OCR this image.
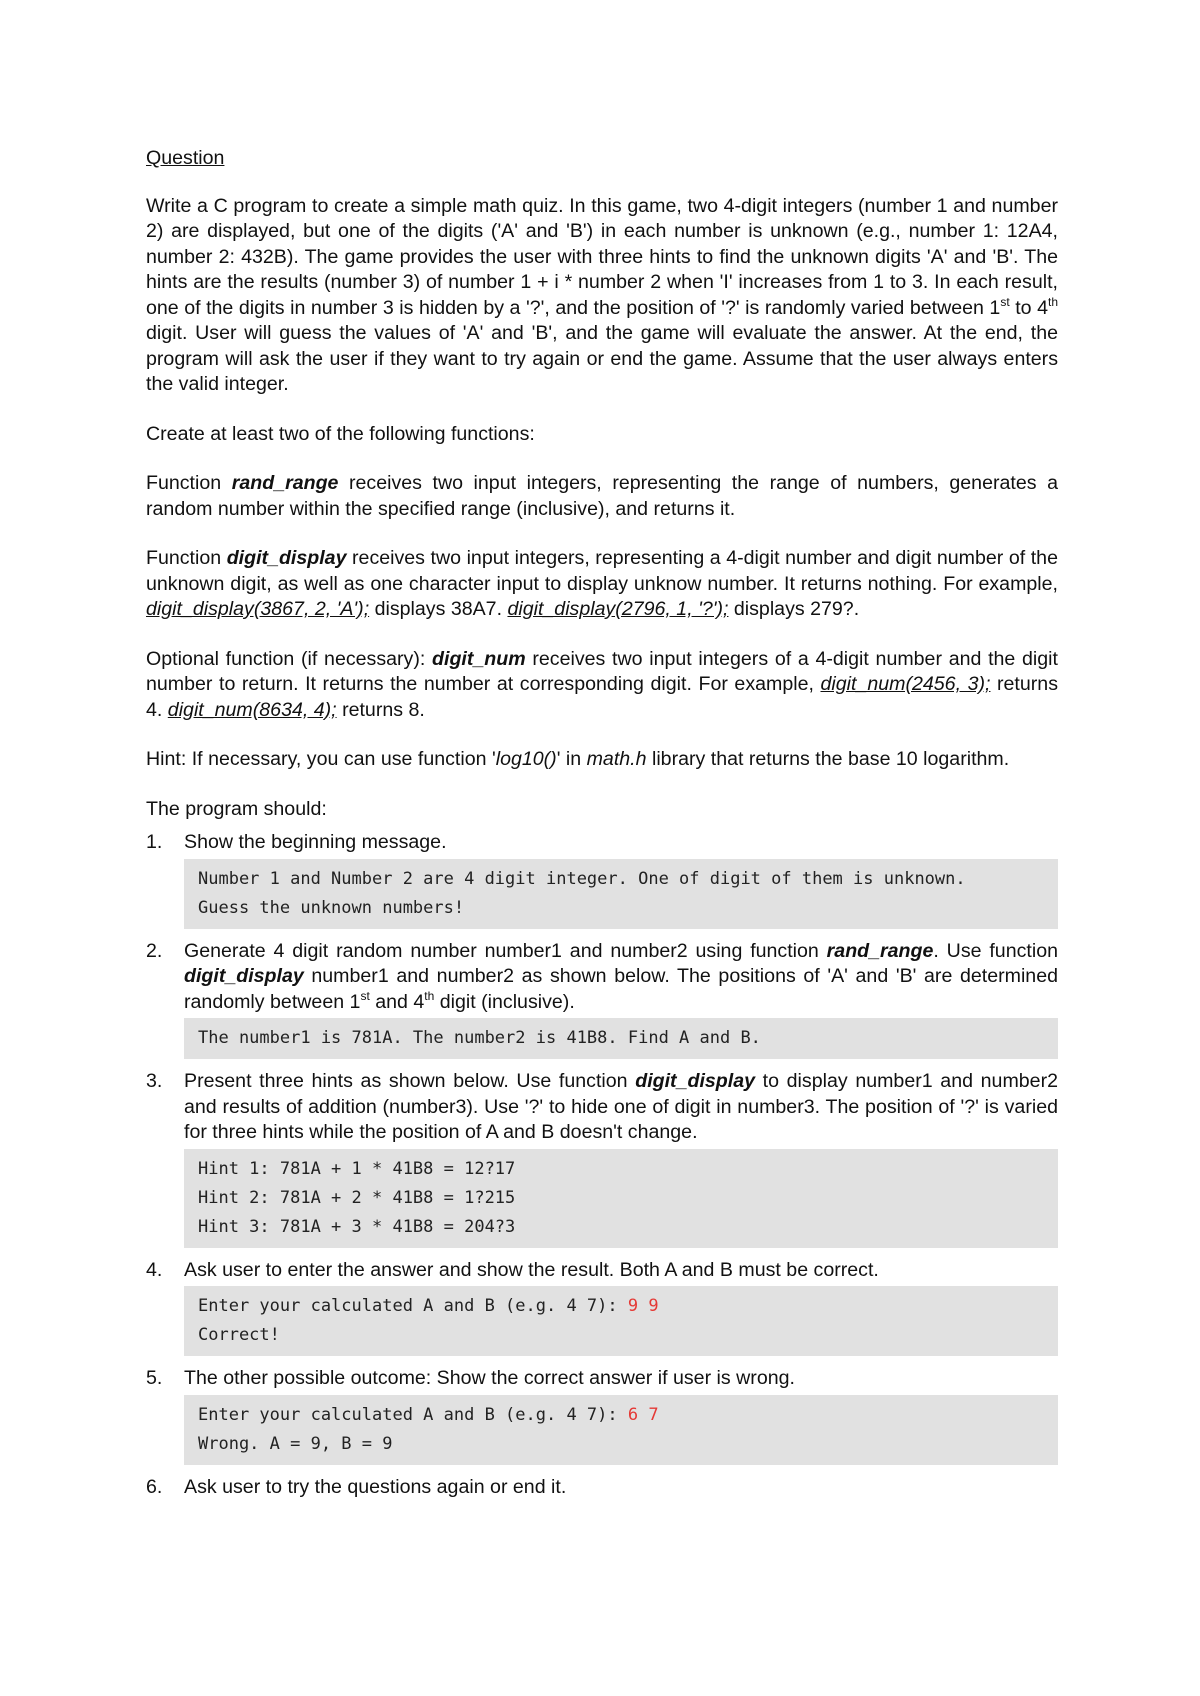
Question

Write a C program to create a simple math quiz. In this game, two 4-digit integers (number 1 and number 2) are displayed, but one of the digits ('A' and 'B') in each number is unknown (e.g., number 1: 12A4, number 2: 432B). The game provides the user with three hints to find the unknown digits 'A' and 'B'. The hints are the results (number 3) of number 1 + i * number 2 when 'I' increases from 1 to 3. In each result, one of the digits in number 3 is hidden by a '?', and the position of '?' is randomly varied between 1st to 4th digit. User will guess the values of 'A' and 'B', and the game will evaluate the answer. At the end, the program will ask the user if they want to try again or end the game. Assume that the user always enters the valid integer.

Create at least two of the following functions:

Function rand_range receives two input integers, representing the range of numbers, generates a random number within the specified range (inclusive), and returns it.

Function digit_display receives two input integers, representing a 4-digit number and digit number of the unknown digit, as well as one character input to display unknow number. It returns nothing. For example, digit_display(3867, 2, 'A'); displays 38A7. digit_display(2796, 1, '?'); displays 279?.

Optional function (if necessary): digit_num receives two input integers of a 4-digit number and the digit number to return. It returns the number at corresponding digit. For example, digit_num(2456, 3); returns 4. digit_num(8634, 4); returns 8.

Hint: If necessary, you can use function 'log10()' in math.h library that returns the base 10 logarithm.

The program should:

1. Show the beginning message.
Number 1 and Number 2 are 4 digit integer. One of digit of them is unknown.
Guess the unknown numbers!
2. Generate 4 digit random number number1 and number2 using function rand_range. Use function digit_display number1 and number2 as shown below. The positions of 'A' and 'B' are determined randomly between 1st and 4th digit (inclusive).
The number1 is 781A. The number2 is 41B8. Find A and B.
3. Present three hints as shown below. Use function digit_display to display number1 and number2 and results of addition (number3). Use '?' to hide one of digit in number3. The position of '?' is varied for three hints while the position of A and B doesn't change.
Hint 1: 781A + 1 * 41B8 = 12?17
Hint 2: 781A + 2 * 41B8 = 1?215
Hint 3: 781A + 3 * 41B8 = 204?3
4. Ask user to enter the answer and show the result. Both A and B must be correct.
Enter your calculated A and B (e.g. 4 7): 9 9
Correct!
5. The other possible outcome: Show the correct answer if user is wrong.
Enter your calculated A and B (e.g. 4 7): 6 7
Wrong. A = 9, B = 9
6. Ask user to try the questions again or end it.
